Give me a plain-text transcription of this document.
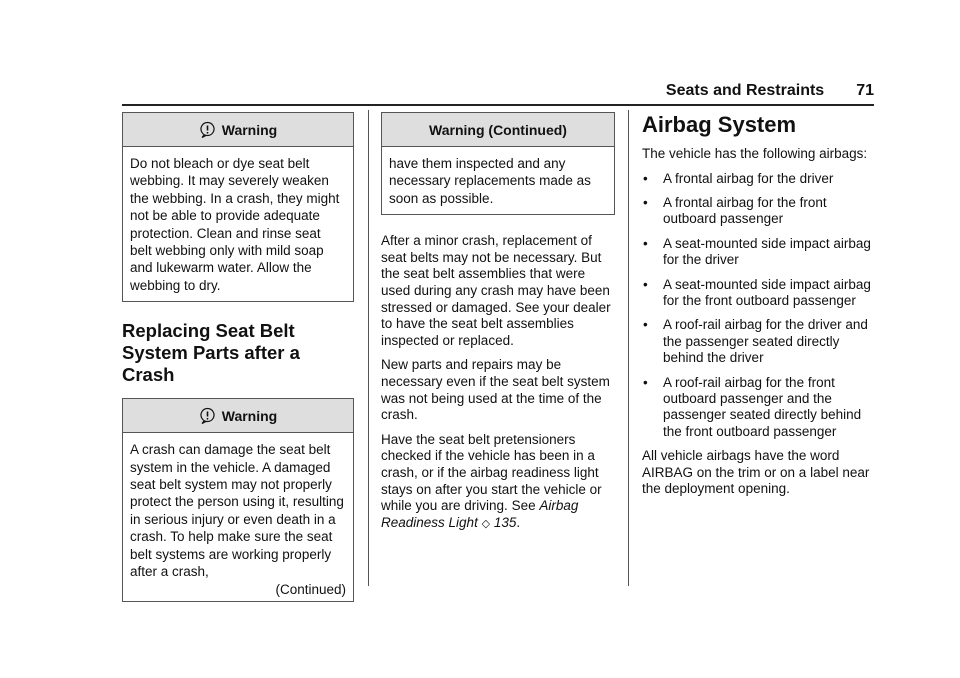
Seats and Restraints 71
Warning
Do not bleach or dye seat belt webbing. It may severely weaken the webbing. In a crash, they might not be able to provide adequate protection. Clean and rinse seat belt webbing only with mild soap and lukewarm water. Allow the webbing to dry.
Replacing Seat Belt System Parts after a Crash
Warning
A crash can damage the seat belt system in the vehicle. A damaged seat belt system may not properly protect the person using it, resulting in serious injury or even death in a crash. To help make sure the seat belt systems are working properly after a crash,
(Continued)
Warning (Continued)
have them inspected and any necessary replacements made as soon as possible.

After a minor crash, replacement of seat belts may not be necessary. But the seat belt assemblies that were used during any crash may have been stressed or damaged. See your dealer to have the seat belt assemblies inspected or replaced.

New parts and repairs may be necessary even if the seat belt system was not being used at the time of the crash.

Have the seat belt pretensioners checked if the vehicle has been in a crash, or if the airbag readiness light stays on after you start the vehicle or while you are driving. See Airbag Readiness Light ◇ 135.

Airbag System

The vehicle has the following airbags:

• A frontal airbag for the driver
• A frontal airbag for the front outboard passenger
• A seat-mounted side impact airbag for the driver
• A seat-mounted side impact airbag for the front outboard passenger
• A roof-rail airbag for the driver and the passenger seated directly behind the driver
• A roof-rail airbag for the front outboard passenger and the passenger seated directly behind the front outboard passenger

All vehicle airbags have the word AIRBAG on the trim or on a label near the deployment opening.
